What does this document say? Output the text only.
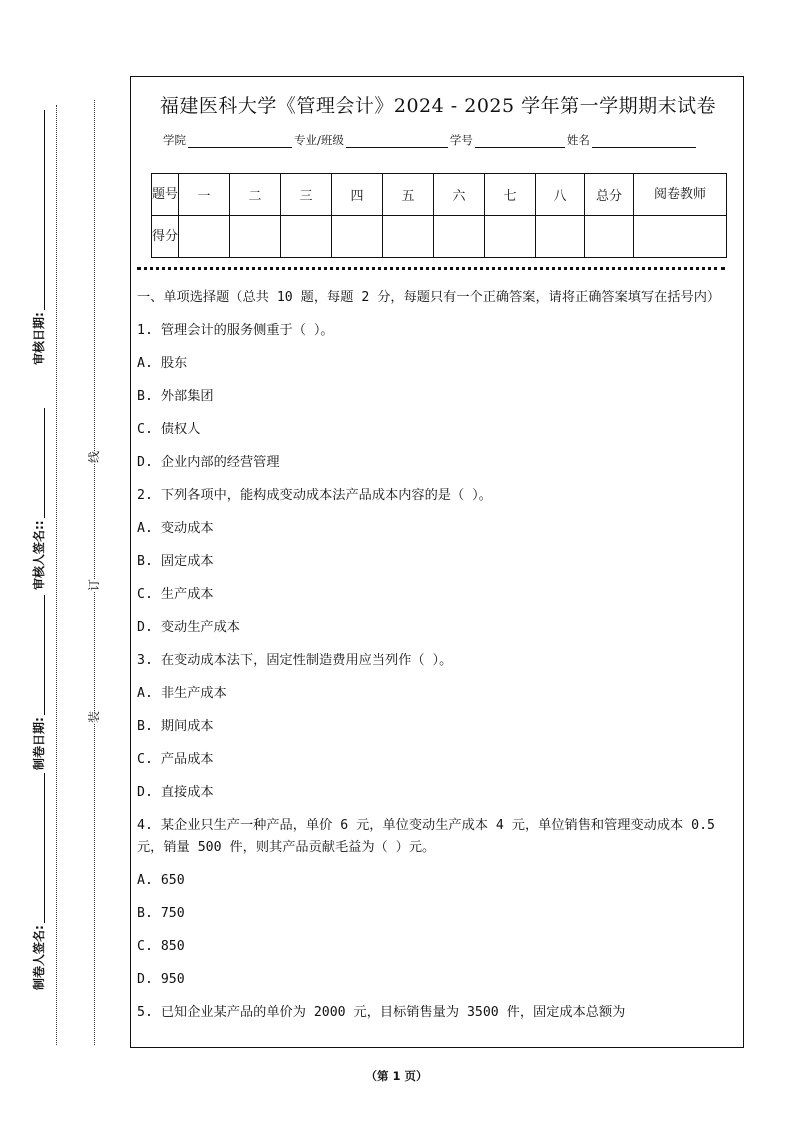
审核日期:
审核人签名::
制卷日期:
制卷人签名:
线
订
装
福建医科大学《管理会计》2024 - 2025 学年第一学期期末试卷
学院	专业/班级	学号	姓名
题号	一	二	三	四	五	六	七	八	总分	阅卷教师
得分										

一、单项选择题（总共 10 题，每题 2 分，每题只有一个正确答案，请将正确答案填写在括号内）

1. 管理会计的服务侧重于（ ）。

A. 股东

B. 外部集团

C. 债权人

D. 企业内部的经营管理

2. 下列各项中，能构成变动成本法产品成本内容的是（ ）。

A. 变动成本

B. 固定成本

C. 生产成本

D. 变动生产成本

3. 在变动成本法下，固定性制造费用应当列作（ ）。

A. 非生产成本

B. 期间成本

C. 产品成本

D. 直接成本

4. 某企业只生产一种产品，单价 6 元，单位变动生产成本 4 元，单位销售和管理变动成本 0.5 元，销量 500 件，则其产品贡献毛益为（ ）元。

A. 650

B. 750

C. 850

D. 950

5. 已知企业某产品的单价为 2000 元，目标销售量为 3500 件，固定成本总额为

（第 1 页）
